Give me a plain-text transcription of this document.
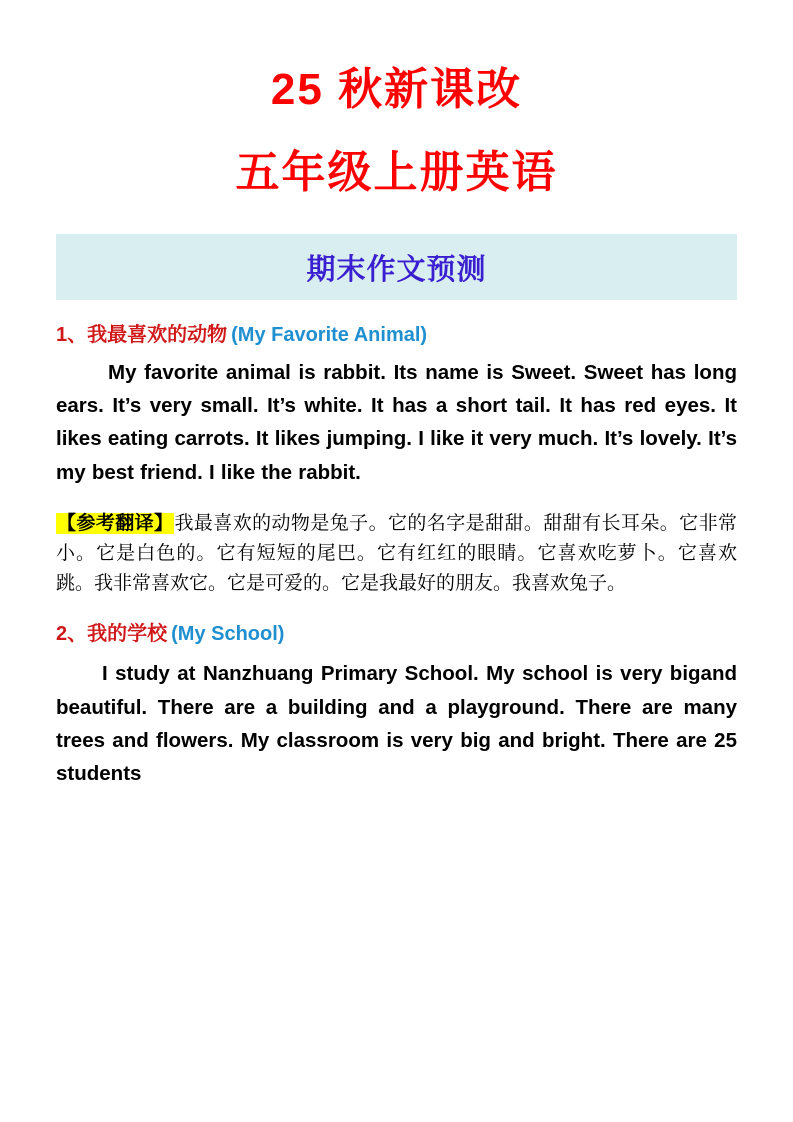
25 秋新课改
五年级上册英语
期末作文预测
1、我最喜欢的动物 (My Favorite Animal)

My favorite animal is rabbit. Its name is Sweet. Sweet has long ears. It’s very small. It’s white. It has a short tail. It has red eyes. It likes eating carrots. It likes jumping. I like it very much. It’s lovely. It’s my best friend. I like the rabbit.

【参考翻译】我最喜欢的动物是兔子。它的名字是甜甜。甜甜有长耳朵。它非常小。它是白色的。它有短短的尾巴。它有红红的眼睛。它喜欢吃萝卜。它喜欢跳。我非常喜欢它。它是可爱的。它是我最好的朋友。我喜欢兔子。
2、我的学校 (My School)

I study at Nanzhuang Primary School. My school is very bigand beautiful. There are a building and a playground. There are many trees and flowers. My classroom is very big and bright. There are 25 students
